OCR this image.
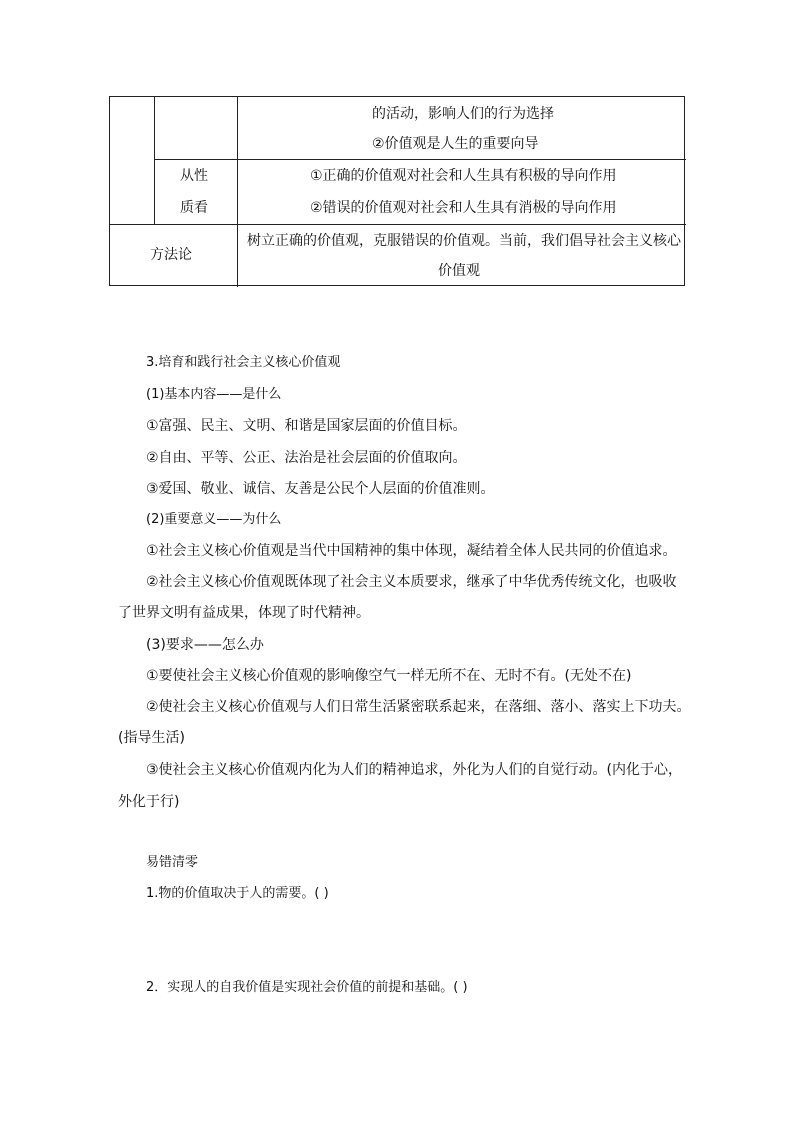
的活动，影响人们的行为选择
②价值观是人生的重要向导
从性
质看
①正确的价值观对社会和人生具有积极的导向作用
②错误的价值观对社会和人生具有消极的导向作用
方法论
树立正确的价值观，克服错误的价值观。当前，我们倡导社会主义核心
价值观
3.培育和践行社会主义核心价值观
(1)基本内容——是什么
①富强、民主、文明、和谐是国家层面的价值目标。
②自由、平等、公正、法治是社会层面的价值取向。
③爱国、敬业、诚信、友善是公民个人层面的价值准则。
(2)重要意义——为什么
①社会主义核心价值观是当代中国精神的集中体现，凝结着全体人民共同的价值追求。
②社会主义核心价值观既体现了社会主义本质要求，继承了中华优秀传统文化，也吸收
了世界文明有益成果，体现了时代精神。
(3)要求——怎么办
①要使社会主义核心价值观的影响像空气一样无所不在、无时不有。(无处不在)
②使社会主义核心价值观与人们日常生活紧密联系起来，在落细、落小、落实上下功夫。
(指导生活)
③使社会主义核心价值观内化为人们的精神追求，外化为人们的自觉行动。(内化于心，
外化于行)
易错清零
1.物的价值取决于人的需要。( )
2．实现人的自我价值是实现社会价值的前提和基础。( )
